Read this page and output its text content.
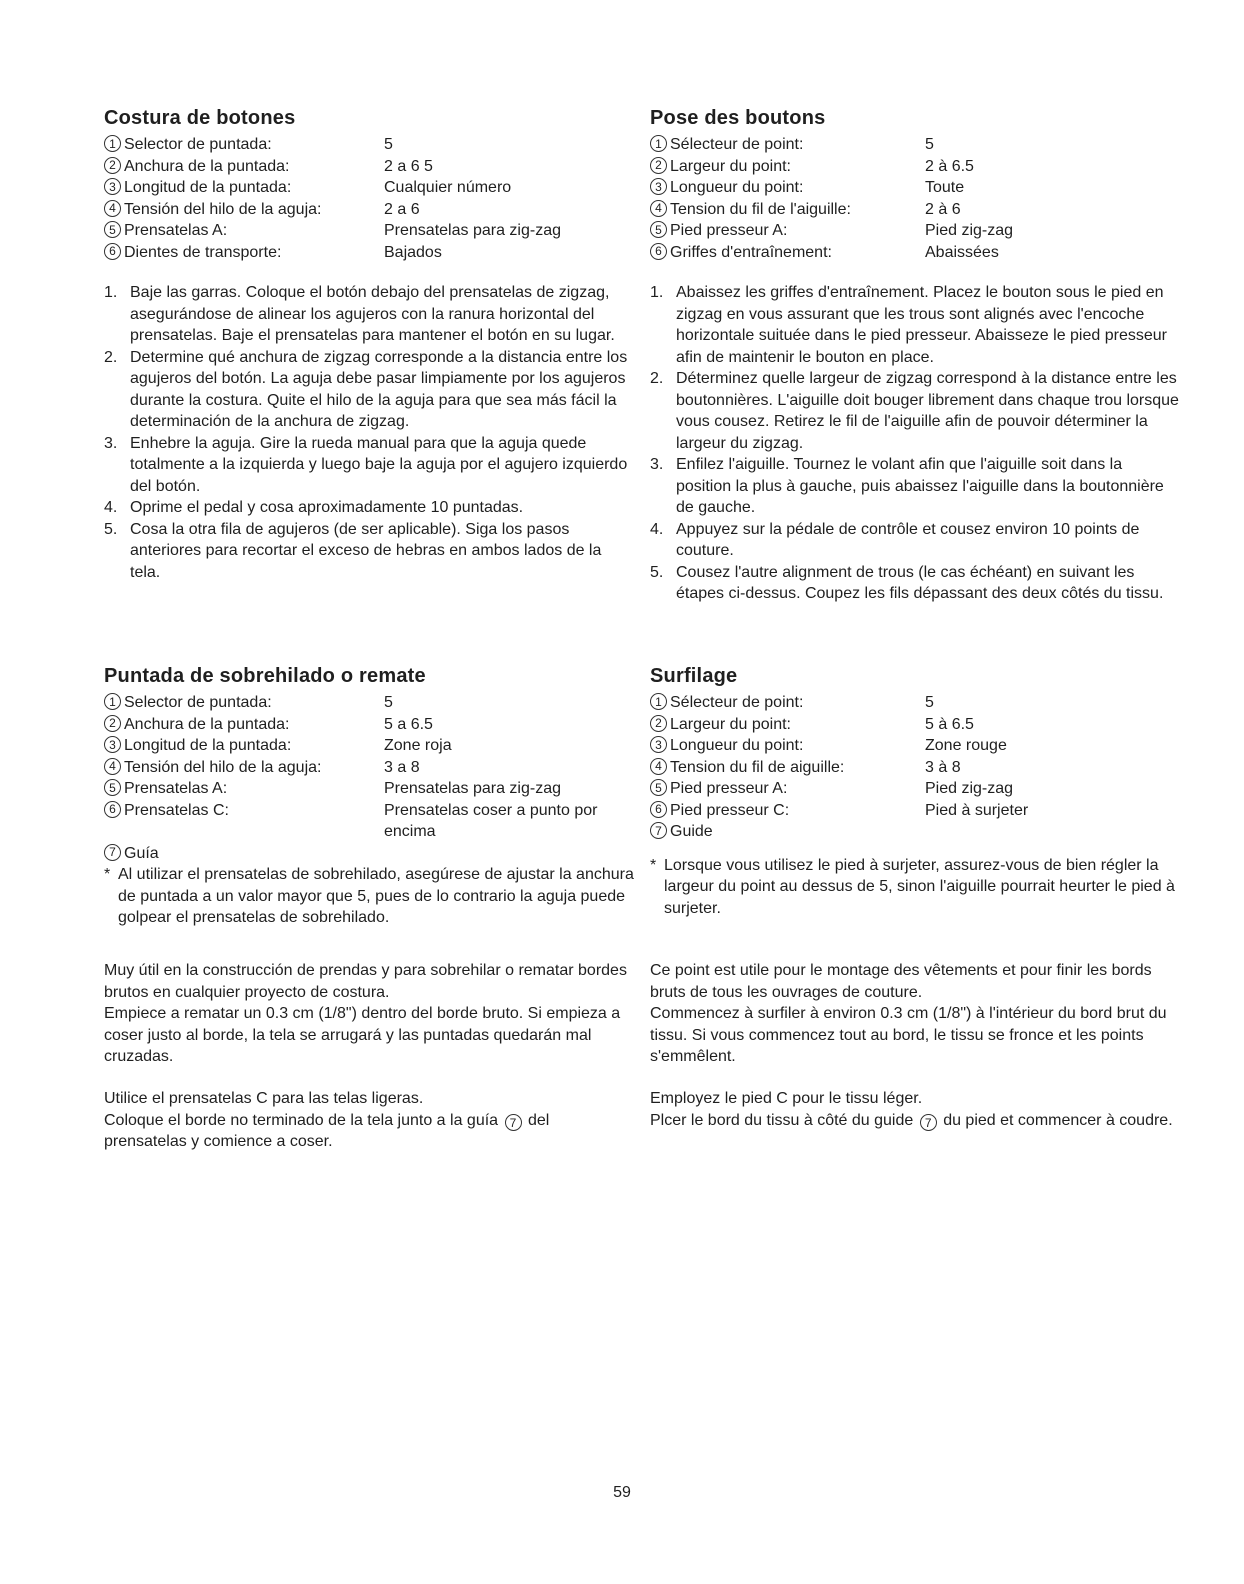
Costura de botones
1 Selector de puntada:	5
2 Anchura de la puntada:	2 a 6 5
3 Longitud de la puntada:	Cualquier número
4 Tensión del hilo de la aguja:	2 a 6
5 Prensatelas A:	Prensatelas para zig-zag
6 Dientes de transporte:	Bajados
1. Baje las garras. Coloque el botón debajo del prensatelas de zigzag, asegurándose de alinear los agujeros con la ranura horizontal del prensatelas. Baje el prensatelas para mantener el botón en su lugar.
2. Determine qué anchura de zigzag corresponde a la distancia entre los agujeros del botón. La aguja debe pasar limpiamente por los agujeros durante la costura. Quite el hilo de la aguja para que sea más fácil la determinación de la anchura de zigzag.
3. Enhebre la aguja. Gire la rueda manual para que la aguja quede totalmente a la izquierda y luego baje la aguja por el agujero izquierdo del botón.
4. Oprime el pedal y cosa aproximadamente 10 puntadas.
5. Cosa la otra fila de agujeros (de ser aplicable). Siga los pasos anteriores para recortar el exceso de hebras en ambos lados de la tela.
Puntada de sobrehilado o remate
1 Selector de puntada:	5
2 Anchura de la puntada:	5 a 6.5
3 Longitud de la puntada:	Zone roja
4 Tensión del hilo de la aguja:	3 a 8
5 Prensatelas A:	Prensatelas para zig-zag
6 Prensatelas C:	Prensatelas coser a punto por encima
7 Guía
* Al utilizar el prensatelas de sobrehilado, asegúrese de ajustar la anchura de puntada a un valor mayor que 5, pues de lo contrario la aguja puede golpear el prensatelas de sobrehilado.

Muy útil en la construcción de prendas y para sobrehilar o rematar bordes brutos en cualquier proyecto de costura.

Empiece a rematar un 0.3 cm (1/8") dentro del borde bruto. Si empieza a coser justo al borde, la tela se arrugará y las puntadas quedarán mal cruzadas.

Utilice el prensatelas C para las telas ligeras.

Coloque el borde no terminado de la tela junto a la guía 7 del prensatelas y comience a coser.

Pose des boutons
1 Sélecteur de point:	5
2 Largeur du point:	2 à 6.5
3 Longueur du point:	Toute
4 Tension du fil de l'aiguille:	2 à 6
5 Pied presseur A:	Pied zig-zag
6 Griffes d'entraînement:	Abaissées
1. Abaissez les griffes d'entraînement. Placez le bouton sous le pied en zigzag en vous assurant que les trous sont alignés avec l'encoche horizontale suituée dans le pied presseur. Abaisseze le pied presseur afin de maintenir le bouton en place.
2. Déterminez quelle largeur de zigzag correspond à la distance entre les boutonnières. L'aiguille doit bouger librement dans chaque trou lorsque vous cousez. Retirez le fil de l'aiguille afin de pouvoir déterminer la largeur du zigzag.
3. Enfilez l'aiguille. Tournez le volant afin que l'aiguille soit dans la position la plus à gauche, puis abaissez l'aiguille dans la boutonnière de gauche.
4. Appuyez sur la pédale de contrôle et cousez environ 10 points de couture.
5. Cousez l'autre alignment de trous (le cas échéant) en suivant les étapes ci-dessus. Coupez les fils dépassant des deux côtés du tissu.
Surfilage
1 Sélecteur de point:	5
2 Largeur du point:	5 à 6.5
3 Longueur du point:	Zone rouge
4 Tension du fil de aiguille:	3 à 8
5 Pied presseur A:	Pied zig-zag
6 Pied presseur C:	Pied à surjeter
7 Guide
* Lorsque vous utilisez le pied à surjeter, assurez-vous de bien régler la largeur du point au dessus de 5, sinon l'aiguille pourrait heurter le pied à surjeter.

Ce point est utile pour le montage des vêtements et pour finir les bords bruts de tous les ouvrages de couture.

Commencez à surfiler à environ 0.3 cm (1/8") à l'intérieur du bord brut du tissu. Si vous commencez tout au bord, le tissu se fronce et les points s'emmêlent.

Employez le pied C pour le tissu léger.

Plcer le bord du tissu à côté du guide 7 du pied et commencer à coudre.

59
